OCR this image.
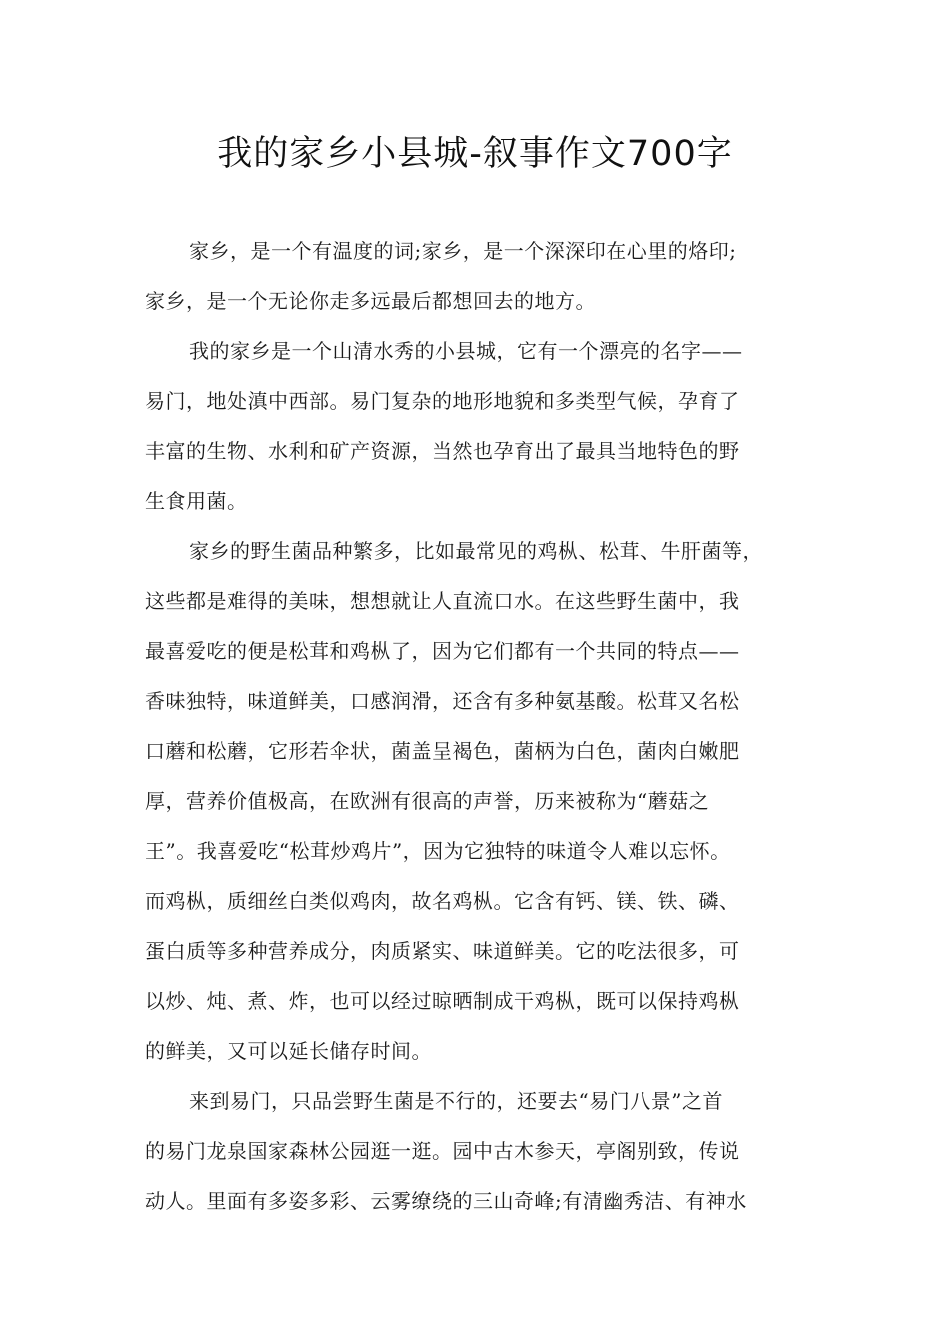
我的家乡小县城-叙事作文700字
家乡，是一个有温度的词;家乡，是一个深深印在心里的烙印;
家乡，是一个无论你走多远最后都想回去的地方。
我的家乡是一个山清水秀的小县城，它有一个漂亮的名字——
易门，地处滇中西部。易门复杂的地形地貌和多类型气候，孕育了
丰富的生物、水利和矿产资源，当然也孕育出了最具当地特色的野
生食用菌。
家乡的野生菌品种繁多，比如最常见的鸡枞、松茸、牛肝菌等，
这些都是难得的美味，想想就让人直流口水。在这些野生菌中，我
最喜爱吃的便是松茸和鸡枞了，因为它们都有一个共同的特点——
香味独特，味道鲜美，口感润滑，还含有多种氨基酸。松茸又名松
口蘑和松蘑，它形若伞状，菌盖呈褐色，菌柄为白色，菌肉白嫩肥
厚，营养价值极高，在欧洲有很高的声誉，历来被称为“蘑菇之
王”。我喜爱吃“松茸炒鸡片”，因为它独特的味道令人难以忘怀。
而鸡枞，质细丝白类似鸡肉，故名鸡枞。它含有钙、镁、铁、磷、
蛋白质等多种营养成分，肉质紧实、味道鲜美。它的吃法很多，可
以炒、炖、煮、炸，也可以经过晾晒制成干鸡枞，既可以保持鸡枞
的鲜美，又可以延长储存时间。
来到易门，只品尝野生菌是不行的，还要去“易门八景”之首
的易门龙泉国家森林公园逛一逛。园中古木参天，亭阁别致，传说
动人。里面有多姿多彩、云雾缭绕的三山奇峰;有清幽秀洁、有神水
